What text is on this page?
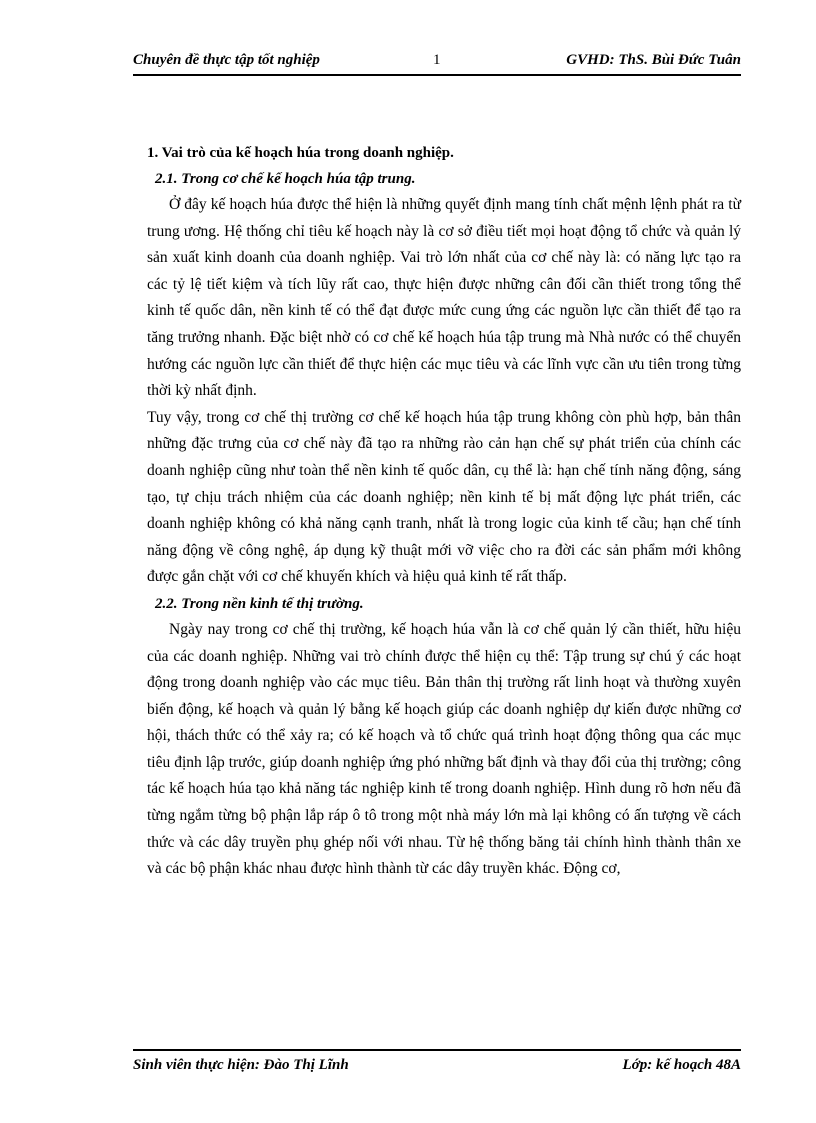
Chuyên đề thực tập tốt nghiệp	1	GVHD: ThS. Bùi Đức Tuân
1. Vai trò của kế hoạch húa trong doanh nghiệp.
2.1. Trong cơ chế kế hoạch húa tập trung.

Ở đây kế hoạch húa được thể hiện là những quyết định mang tính chất mệnh lệnh phát ra từ trung ương. Hệ thống chỉ tiêu kế hoạch này là cơ sở điều tiết mọi hoạt động tổ chức và quản lý sản xuất kinh doanh của doanh nghiệp. Vai trò lớn nhất của cơ chế này là: có năng lực tạo ra các tỷ lệ tiết kiệm và tích lũy rất cao, thực hiện được những cân đối cần thiết trong tổng thể kinh tế quốc dân, nền kinh tế có thể đạt được mức cung ứng các nguồn lực cần thiết để tạo ra tăng trưởng nhanh. Đặc biệt nhờ có cơ chế kế hoạch húa tập trung mà Nhà nước có thể chuyển hướng các nguồn lực cần thiết để thực hiện các mục tiêu và các lĩnh vực cần ưu tiên trong từng thời kỳ nhất định.

Tuy vậy, trong cơ chế thị trường cơ chế kế hoạch húa tập trung không còn phù hợp, bản thân những đặc trưng của cơ chế này đã tạo ra những rào cản hạn chế sự phát triển của chính các doanh nghiệp cũng như toàn thể nền kinh tế quốc dân, cụ thể là: hạn chế tính năng động, sáng tạo, tự chịu trách nhiệm của các doanh nghiệp; nền kinh tế bị mất động lực phát triển, các doanh nghiệp không có khả năng cạnh tranh, nhất là trong logic của kinh tế cầu; hạn chế tính năng động về công nghệ, áp dụng kỹ thuật mới vỡ việc cho ra đời các sản phẩm mới không được gắn chặt với cơ chế khuyến khích và hiệu quả kinh tế rất thấp.

2.2. Trong nền kinh tế thị trường.

Ngày nay trong cơ chế thị trường, kế hoạch húa vẫn là cơ chế quản lý cần thiết, hữu hiệu của các doanh nghiệp. Những vai trò chính được thể hiện cụ thể: Tập trung sự chú ý các hoạt động trong doanh nghiệp vào các mục tiêu. Bản thân thị trường rất linh hoạt và thường xuyên biến động, kế hoạch và quản lý bằng kế hoạch giúp các doanh nghiệp dự kiến được những cơ hội, thách thức có thể xảy ra; có kế hoạch và tổ chức quá trình hoạt động thông qua các mục tiêu định lập trước, giúp doanh nghiệp ứng phó những bất định và thay đổi của thị trường; công tác kế hoạch húa tạo khả năng tác nghiệp kinh tế trong doanh nghiệp. Hình dung rõ hơn nếu đã từng ngắm từng bộ phận lắp ráp ô tô trong một nhà máy lớn mà lại không có ấn tượng về cách thức và các dây truyền phụ ghép nối với nhau. Từ hệ thống băng tải chính hình thành thân xe và các bộ phận khác nhau được hình thành từ các dây truyền khác. Động cơ,

Sinh viên thực hiện: Đào Thị Lĩnh	Lớp: kế hoạch 48A
